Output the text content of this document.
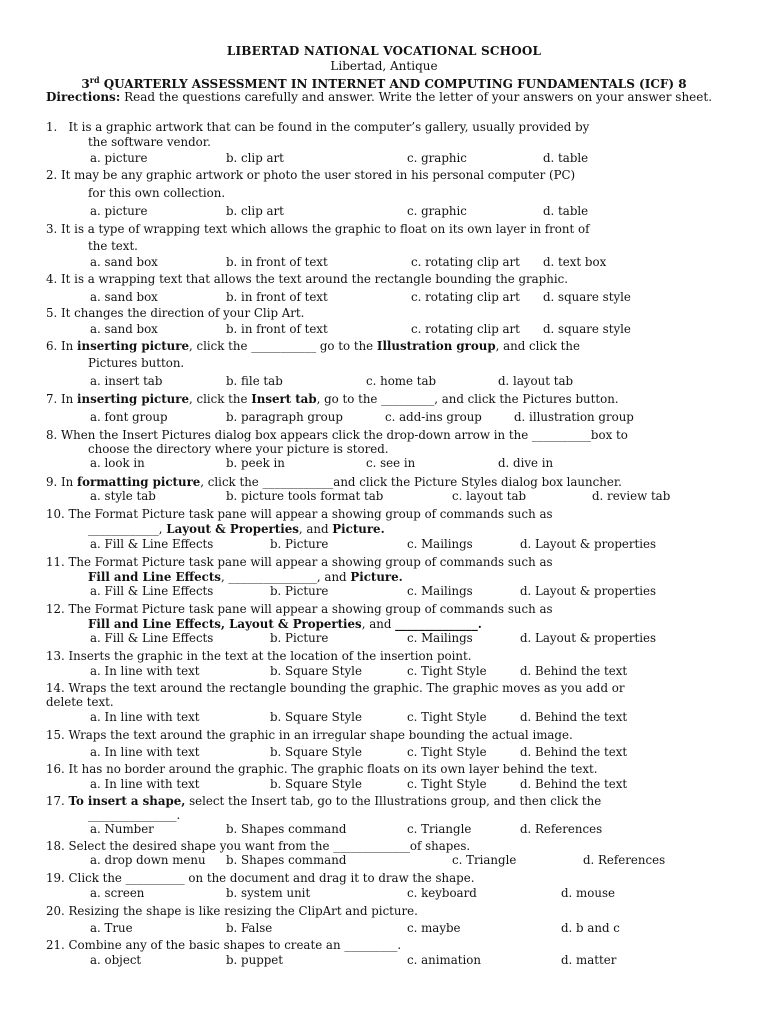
LIBERTAD NATIONAL VOCATIONAL SCHOOL
Libertad, Antique
3rd QUARTERLY ASSESSMENT IN INTERNET AND COMPUTING FUNDAMENTALS (ICF) 8
Directions: Read the questions carefully and answer. Write the letter of your answers on your answer sheet.
1. It is a graphic artwork that can be found in the computer’s gallery, usually provided by
the software vendor.
a. picture	b. clip art	c. graphic	d. table
2. It may be any graphic artwork or photo the user stored in his personal computer (PC)
for this own collection.
a. picture	b. clip art	c. graphic	d. table
3. It is a type of wrapping text which allows the graphic to float on its own layer in front of
the text.
a. sand box	b. in front of text	c. rotating clip art d. text box
4. It is a wrapping text that allows the text around the rectangle bounding the graphic.
a. sand box	b. in front of text	c. rotating clip art d. square style
5. It changes the direction of your Clip Art.
a. sand box	b. in front of text	c. rotating clip art d. square style
6. In inserting picture, click the ___________ go to the Illustration group, and click the
Pictures button.
a. insert tab	b. file tab	c. home tab	d. layout tab
7. In inserting picture, click the Insert tab, go to the _________, and click the Pictures button.
a. font group	b. paragraph group	c. add-ins group	d. illustration group
8. When the Insert Pictures dialog box appears click the drop-down arrow in the __________box to
choose the directory where your picture is stored.
a. look in	b. peek in	c. see in	d. dive in
9. In formatting picture, click the ____________and click the Picture Styles dialog box launcher.
a. style tab	b. picture tools format tab	c. layout tab	d. review tab
10. The Format Picture task pane will appear a showing group of commands such as
____________, Layout & Properties, and Picture.
a. Fill & Line Effects	b. Picture	c. Mailings	d. Layout & properties
11. The Format Picture task pane will appear a showing group of commands such as
Fill and Line Effects, _______________, and Picture.
a. Fill & Line Effects	b. Picture	c. Mailings	d. Layout & properties
12. The Format Picture task pane will appear a showing group of commands such as
Fill and Line Effects, Layout & Properties, and ______________.
a. Fill & Line Effects	b. Picture	c. Mailings	d. Layout & properties
13. Inserts the graphic in the text at the location of the insertion point.
a. In line with text	b. Square Style	c. Tight Style	d. Behind the text
14. Wraps the text around the rectangle bounding the graphic. The graphic moves as you add or
delete text.
a. In line with text	b. Square Style	c. Tight Style	d. Behind the text
15. Wraps the text around the graphic in an irregular shape bounding the actual image.
a. In line with text	b. Square Style	c. Tight Style	d. Behind the text
16. It has no border around the graphic. The graphic floats on its own layer behind the text.
a. In line with text	b. Square Style	c. Tight Style	d. Behind the text
17. To insert a shape, select the Insert tab, go to the Illustrations group, and then click the
_______________.
a. Number	b. Shapes command	c. Triangle	d. References
18. Select the desired shape you want from the _____________of shapes.
a. drop down menu b. Shapes command	c. Triangle	d. References
19. Click the __________ on the document and drag it to draw the shape.
a. screen	b. system unit	c. keyboard	d. mouse
20. Resizing the shape is like resizing the ClipArt and picture.
a. True	b. False	c. maybe	d. b and c
21. Combine any of the basic shapes to create an _________.
a. object	b. puppet	c. animation	d. matter
